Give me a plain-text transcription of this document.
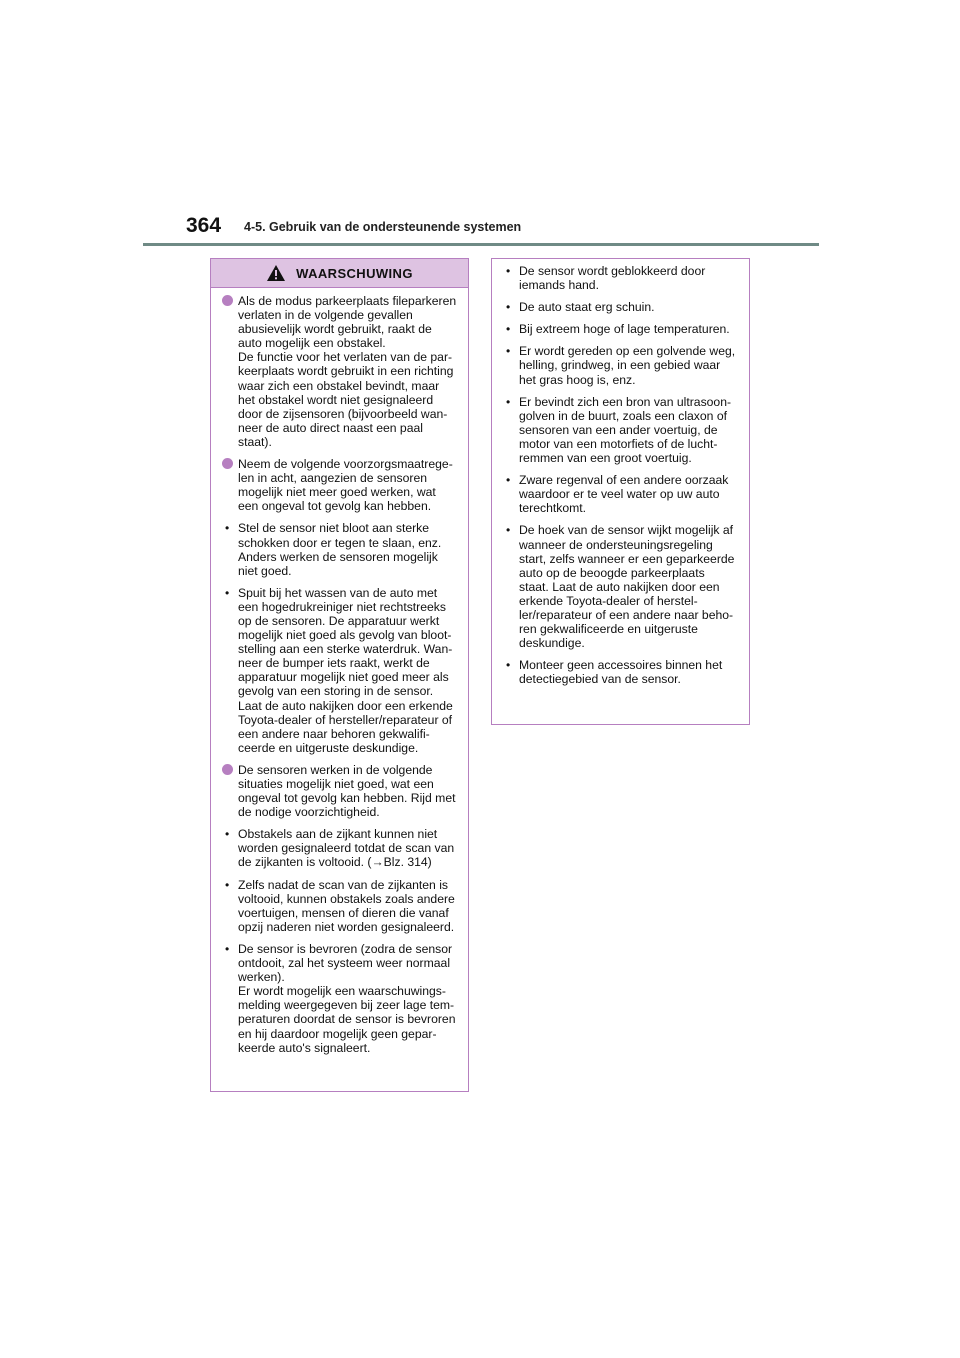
364 4-5. Gebruik van de ondersteunende systemen
WAARSCHUWING
Als de modus parkeerplaats fileparkeren
verlaten in de volgende gevallen
abusievelijk wordt gebruikt, raakt de
auto mogelijk een obstakel.
De functie voor het verlaten van de par-
keerplaats wordt gebruikt in een richting
waar zich een obstakel bevindt, maar
het obstakel wordt niet gesignaleerd
door de zijsensoren (bijvoorbeeld wan-
neer de auto direct naast een paal
staat).
Neem de volgende voorzorgsmaatrege-
len in acht, aangezien de sensoren
mogelijk niet meer goed werken, wat
een ongeval tot gevolg kan hebben.
• Stel de sensor niet bloot aan sterke
schokken door er tegen te slaan, enz.
Anders werken de sensoren mogelijk
niet goed.
• Spuit bij het wassen van de auto met
een hogedrukreiniger niet rechtstreeks
op de sensoren. De apparatuur werkt
mogelijk niet goed als gevolg van bloot-
stelling aan een sterke waterdruk. Wan-
neer de bumper iets raakt, werkt de
apparatuur mogelijk niet goed meer als
gevolg van een storing in de sensor.
Laat de auto nakijken door een erkende
Toyota-dealer of hersteller/reparateur of
een andere naar behoren gekwalifi-
ceerde en uitgeruste deskundige.
De sensoren werken in de volgende
situaties mogelijk niet goed, wat een
ongeval tot gevolg kan hebben. Rijd met
de nodige voorzichtigheid.
• Obstakels aan de zijkant kunnen niet
worden gesignaleerd totdat de scan van
de zijkanten is voltooid. (→Blz. 314)
• Zelfs nadat de scan van de zijkanten is
voltooid, kunnen obstakels zoals andere
voertuigen, mensen of dieren die vanaf
opzij naderen niet worden gesignaleerd.
• De sensor is bevroren (zodra de sensor
ontdooit, zal het systeem weer normaal
werken).
Er wordt mogelijk een waarschuwings-
melding weergegeven bij zeer lage tem-
peraturen doordat de sensor is bevroren
en hij daardoor mogelijk geen gepar-
keerde auto's signaleert.
• De sensor wordt geblokkeerd door
iemands hand.
• De auto staat erg schuin.
• Bij extreem hoge of lage temperaturen.
• Er wordt gereden op een golvende weg,
helling, grindweg, in een gebied waar
het gras hoog is, enz.
• Er bevindt zich een bron van ultrasoon-
golven in de buurt, zoals een claxon of
sensoren van een ander voertuig, de
motor van een motorfiets of de lucht-
remmen van een groot voertuig.
• Zware regenval of een andere oorzaak
waardoor er te veel water op uw auto
terechtkomt.
• De hoek van de sensor wijkt mogelijk af
wanneer de ondersteuningsregeling
start, zelfs wanneer er een geparkeerde
auto op de beoogde parkeerplaats
staat. Laat de auto nakijken door een
erkende Toyota-dealer of herstel-
ler/reparateur of een andere naar beho-
ren gekwalificeerde en uitgeruste
deskundige.
• Monteer geen accessoires binnen het
detectiegebied van de sensor.
